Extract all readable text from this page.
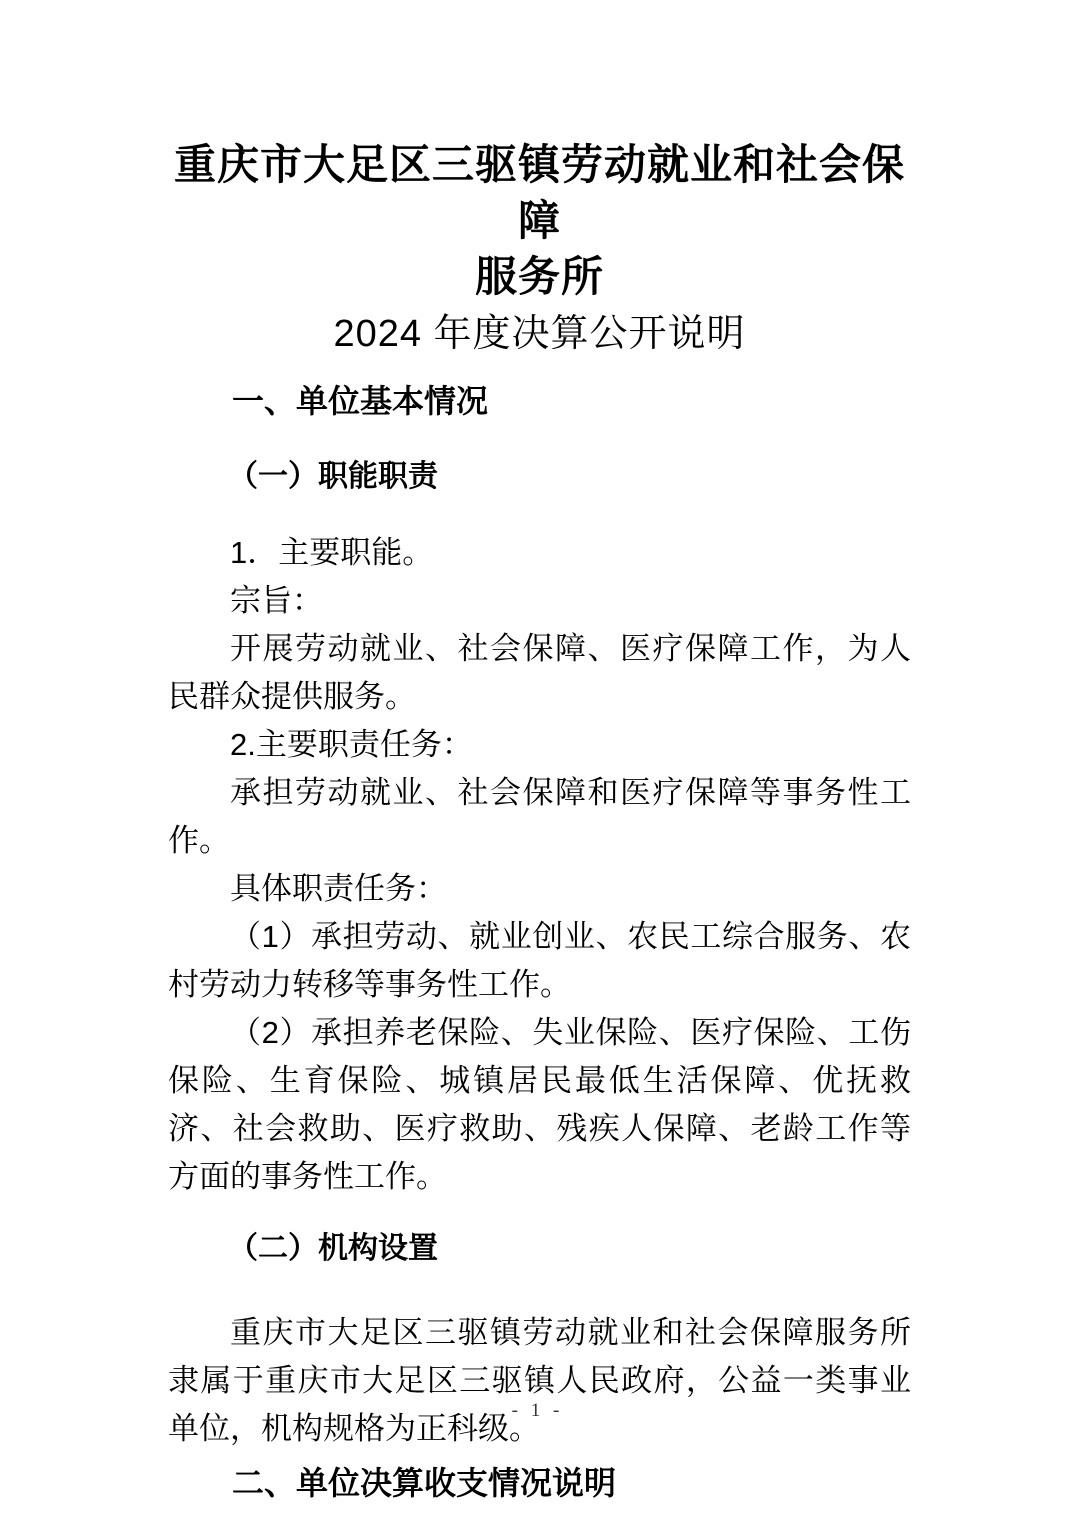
重庆市大足区三驱镇劳动就业和社会保障
服务所
2024 年度决算公开说明
一、单位基本情况
（一）职能职责

1．主要职能。

宗旨：

开展劳动就业、社会保障、医疗保障工作，为人民群众提供服务。

2.主要职责任务：

承担劳动就业、社会保障和医疗保障等事务性工作。

具体职责任务：

（1）承担劳动、就业创业、农民工综合服务、农村劳动力转移等事务性工作。

（2）承担养老保险、失业保险、医疗保险、工伤保险、生育保险、城镇居民最低生活保障、优抚救济、社会救助、医疗救助、残疾人保障、老龄工作等方面的事务性工作。

（二）机构设置

重庆市大足区三驱镇劳动就业和社会保障服务所隶属于重庆市大足区三驱镇人民政府，公益一类事业单位，机构规格为正科级。

二、单位决算收支情况说明
- 1 -
